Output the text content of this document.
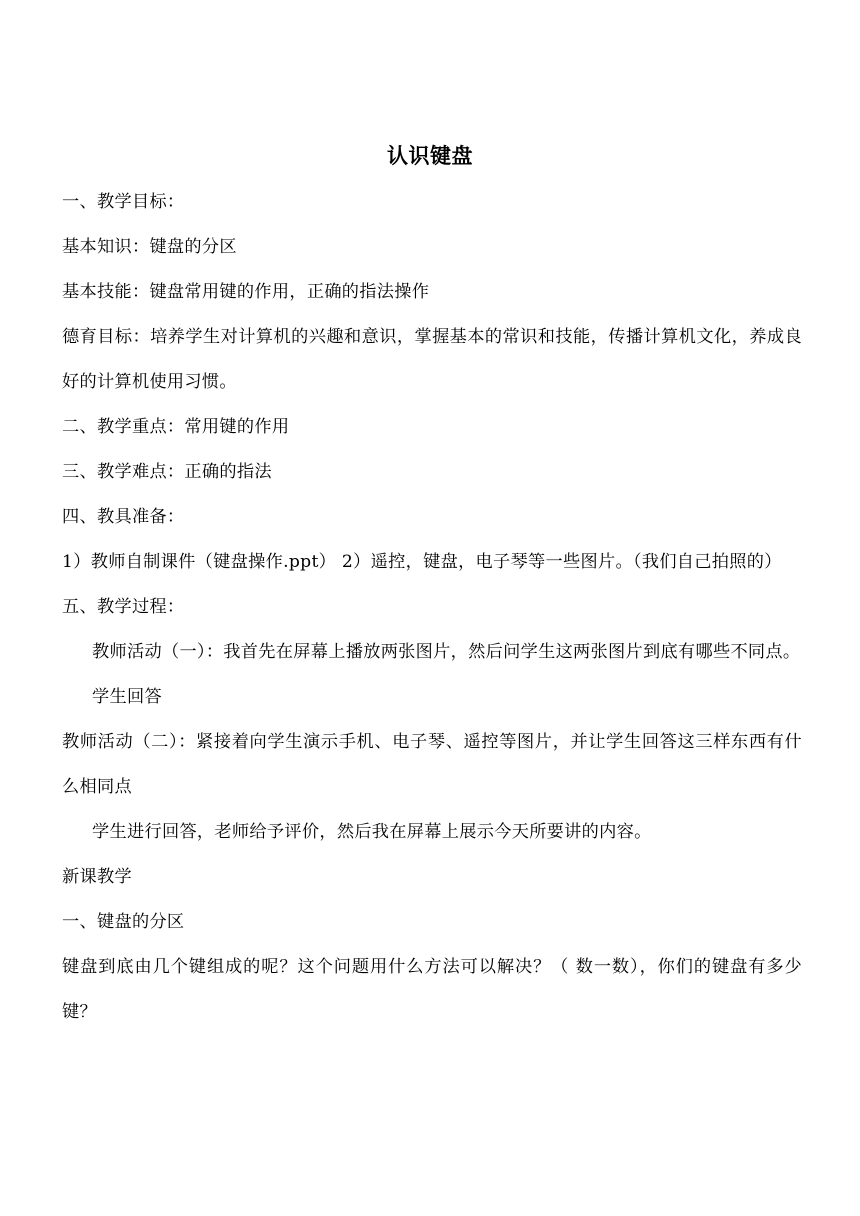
认识键盘

一、教学目标：

基本知识：键盘的分区

基本技能：键盘常用键的作用，正确的指法操作

德育目标：培养学生对计算机的兴趣和意识，掌握基本的常识和技能，传播计算机文化，养成良好的计算机使用习惯。

二、教学重点：常用键的作用

三、教学难点：正确的指法

四、教具准备：

1）教师自制课件（键盘操作.ppt） 2）遥控，键盘，电子琴等一些图片。（我们自己拍照的）

五、教学过程：

教师活动（一）：我首先在屏幕上播放两张图片，然后问学生这两张图片到底有哪些不同点。

学生回答

教师活动（二）：紧接着向学生演示手机、电子琴、遥控等图片，并让学生回答这三样东西有什么相同点

学生进行回答，老师给予评价，然后我在屏幕上展示今天所要讲的内容。

新课教学

一、键盘的分区

键盘到底由几个键组成的呢？这个问题用什么方法可以解决？（ 数一数），你们的键盘有多少键？
